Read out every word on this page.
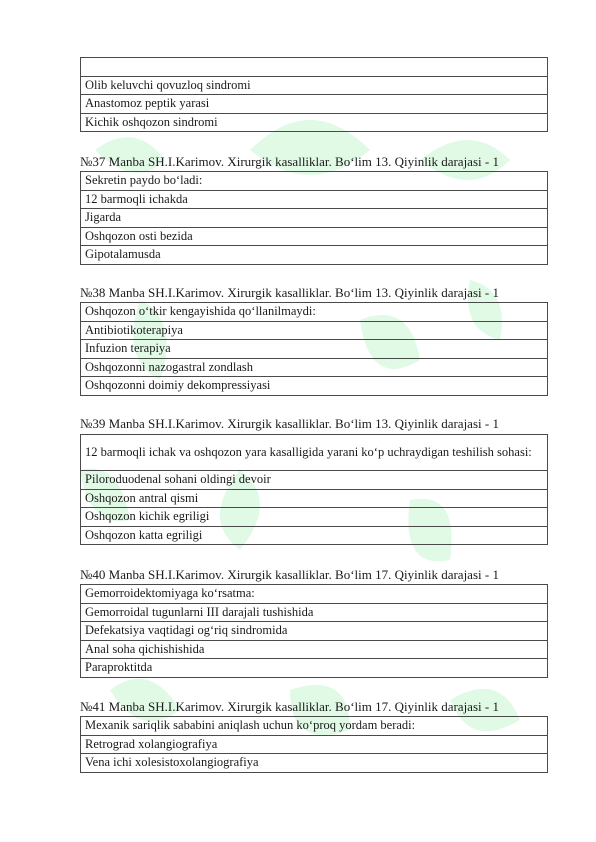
Olib keluvchi qovuzloq sindromi
Anastomoz peptik yarasi
Kichik oshqozon sindromi
№37 Manba SH.I.Karimov. Xirurgik kasalliklar. Bo‘lim 13. Qiyinlik darajasi - 1
Sekretin paydo bo‘ladi:
12 barmoqli ichakda
Jigarda
Oshqozon osti bezida
Gipotalamusda
№38 Manba SH.I.Karimov. Xirurgik kasalliklar. Bo‘lim 13. Qiyinlik darajasi - 1
Oshqozon o‘tkir kengayishida qo‘llanilmaydi:
Antibiotikoterapiya
Infuzion terapiya
Oshqozonni nazogastral zondlash
Oshqozonni doimiy dekompressiyasi
№39 Manba SH.I.Karimov. Xirurgik kasalliklar. Bo‘lim 13. Qiyinlik darajasi - 1
12 barmoqli ichak va oshqozon yara kasalligida yarani ko‘p uchraydigan teshilish sohasi:
Piloroduodenal sohani oldingi devoir
Oshqozon antral qismi
Oshqozon kichik egriligi
Oshqozon katta egriligi
№40 Manba SH.I.Karimov. Xirurgik kasalliklar. Bo‘lim 17. Qiyinlik darajasi - 1
Gemorroidektomiyaga ko‘rsatma:
Gemorroidal tugunlarni III darajali tushishida
Defekatsiya vaqtidagi og‘riq sindromida
Anal soha qichishishida
Paraproktitda
№41 Manba SH.I.Karimov. Xirurgik kasalliklar. Bo‘lim 17. Qiyinlik darajasi - 1
Mexanik sariqlik sababini aniqlash uchun ko‘proq yordam beradi:
Retrograd xolangiografiya
Vena ichi xolesistoxolangiografiya
